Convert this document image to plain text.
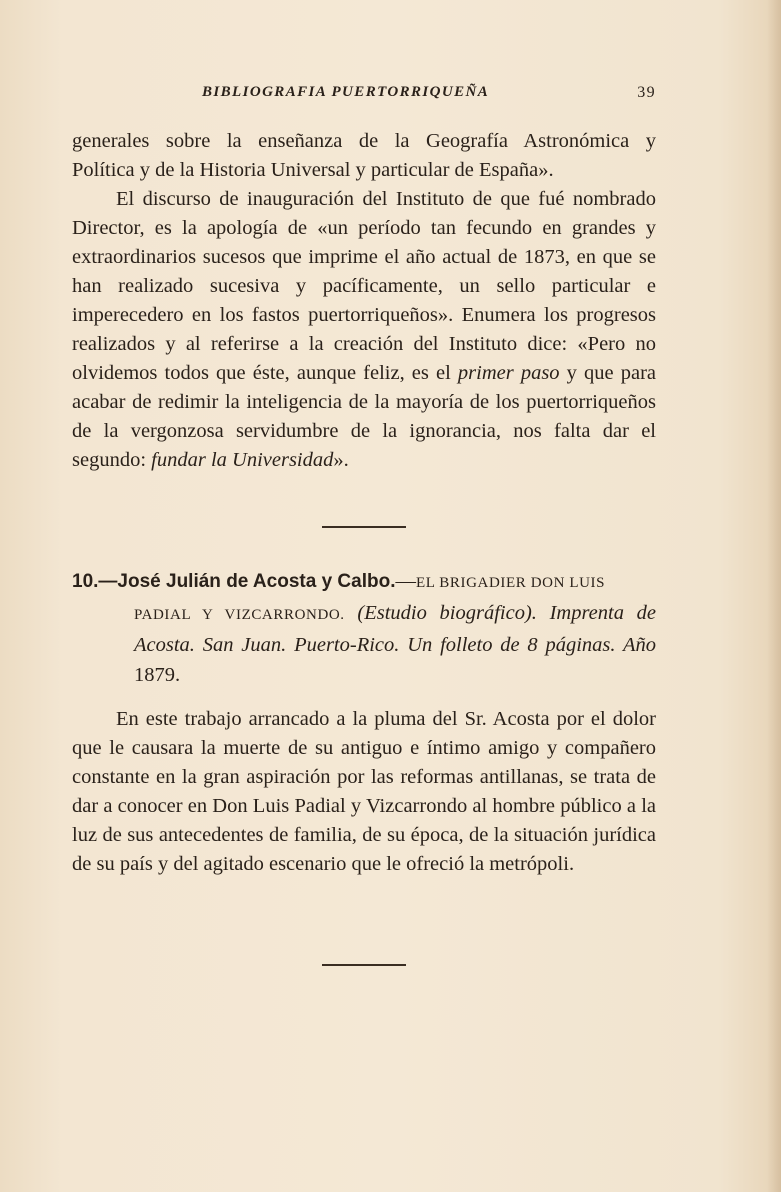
BIBLIOGRAFIA PUERTORRIQUEÑA	39
generales sobre la enseñanza de la Geografía Astronómica y
Política y de la Historia Universal y particular de España».

El discurso de inauguración del Instituto de que fué nombrado Director, es la apología de «un período tan fecundo en grandes y extraordinarios sucesos que imprime el año actual de 1873, en que se han realizado sucesiva y pacíficamente, un sello particular e imperecedero en los fastos puertorriqueños». Enumera los progresos realizados y al referirse a la creación del Instituto dice: «Pero no olvidemos todos que éste, aunque feliz, es el primer paso y que para acabar de redimir la inteligencia de la mayoría de los puertorriqueños de la vergonzosa servidumbre de la ignorancia, nos falta dar el segundo: fundar la Universidad».

10.—José Julián de Acosta y Calbo.—EL BRIGADIER DON LUIS
PADIAL Y VIZCARRONDO. (Estudio biográfico). Imprenta de Acosta. San Juan. Puerto-Rico. Un folleto de 8 páginas. Año 1879.

En este trabajo arrancado a la pluma del Sr. Acosta por el dolor que le causara la muerte de su antiguo e íntimo amigo y compañero constante en la gran aspiración por las reformas antillanas, se trata de dar a conocer en Don Luis Padial y Vizcarrondo al hombre público a la luz de sus antecedentes de familia, de su época, de la situación jurídica de su país y del agitado escenario que le ofreció la metrópoli.
